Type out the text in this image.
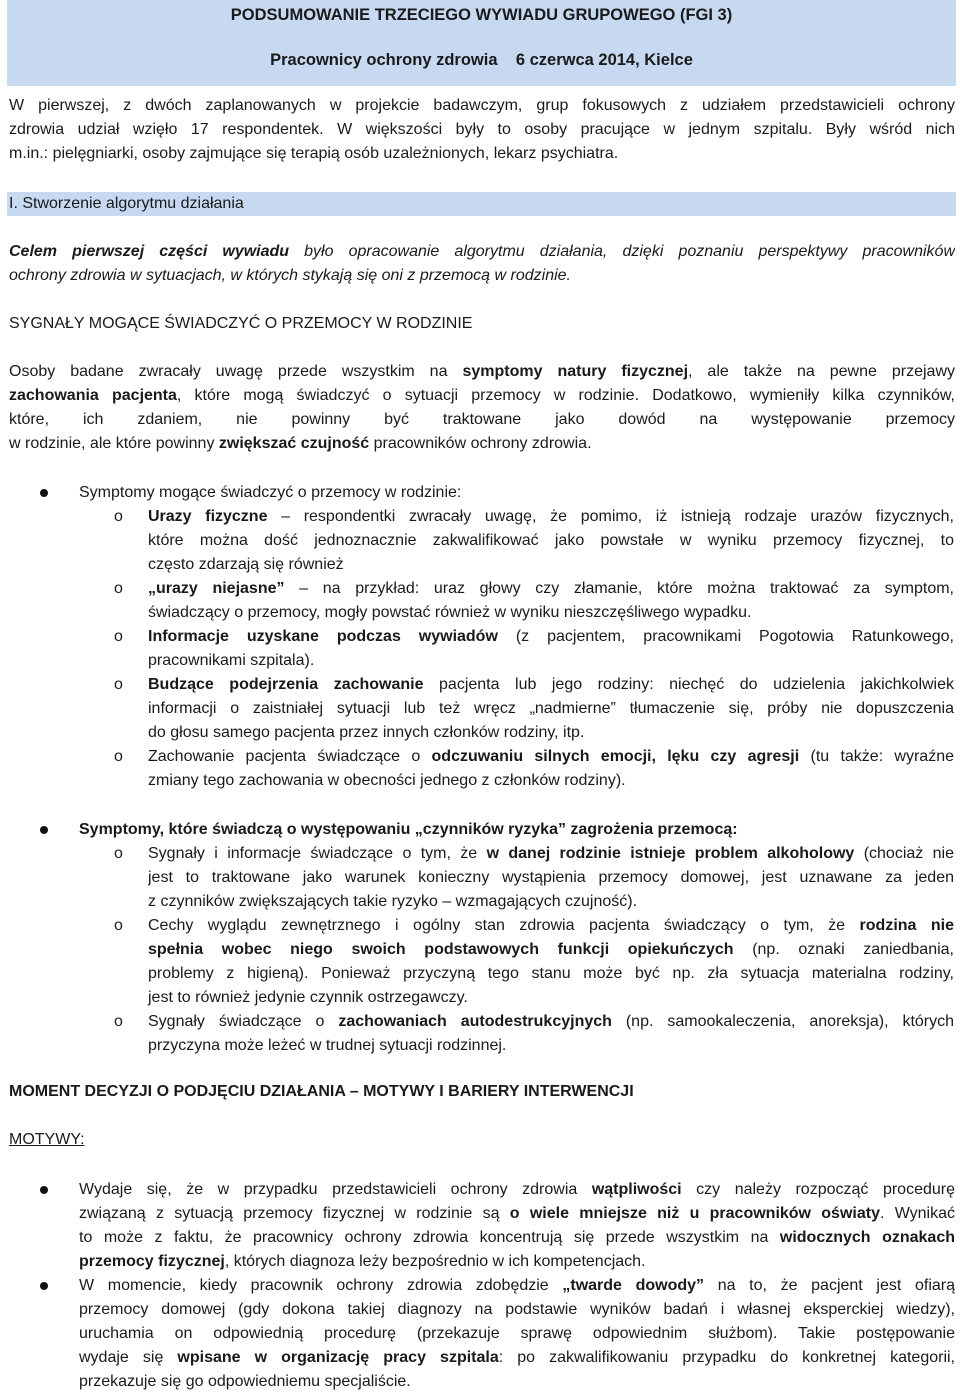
PODSUMOWANIE TRZECIEGO WYWIADU GRUPOWEGO (FGI 3)
Pracownicy ochrony zdrowia    6 czerwca 2014, Kielce
W pierwszej, z dwóch zaplanowanych w projekcie badawczym, grup fokusowych z udziałem przedstawicieli ochrony
zdrowia udział wzięło 17 respondentek. W większości były to osoby pracujące w jednym szpitalu. Były wśród nich
m.in.: pielęgniarki, osoby zajmujące się terapią osób uzależnionych, lekarz psychiatra.
I. Stworzenie algorytmu działania
Celem pierwszej części wywiadu było opracowanie algorytmu działania, dzięki poznaniu perspektywy pracowników
ochrony zdrowia w sytuacjach, w których stykają się oni z przemocą w rodzinie.
SYGNAŁY MOGĄCE ŚWIADCZYĆ O PRZEMOCY W RODZINIE
Osoby badane zwracały uwagę przede wszystkim na symptomy natury fizycznej, ale także na pewne przejawy
zachowania pacjenta, które mogą świadczyć o sytuacji przemocy w rodzinie. Dodatkowo, wymieniły kilka czynników,
które, ich zdaniem, nie powinny być traktowane jako dowód na występowanie przemocy
w rodzinie, ale które powinny zwiększać czujność pracowników ochrony zdrowia.
Symptomy mogące świadczyć o przemocy w rodzinie:
o Urazy fizyczne – respondentki zwracały uwagę, że pomimo, iż istnieją rodzaje urazów fizycznych,
które można dość jednoznacznie zakwalifikować jako powstałe w wyniku przemocy fizycznej, to
często zdarzają się również
o „urazy niejasne” – na przykład: uraz głowy czy złamanie, które można traktować za symptom,
świadczący o przemocy, mogły powstać również w wyniku nieszczęśliwego wypadku.
o Informacje uzyskane podczas wywiadów (z pacjentem, pracownikami Pogotowia Ratunkowego,
pracownikami szpitala).
o Budzące podejrzenia zachowanie pacjenta lub jego rodziny: niechęć do udzielenia jakichkolwiek
informacji o zaistniałej sytuacji lub też wręcz „nadmierne” tłumaczenie się, próby nie dopuszczenia
do głosu samego pacjenta przez innych członków rodziny, itp.
o Zachowanie pacjenta świadczące o odczuwaniu silnych emocji, lęku czy agresji (tu także: wyraźne
zmiany tego zachowania w obecności jednego z członków rodziny).
Symptomy, które świadczą o występowaniu „czynników ryzyka” zagrożenia przemocą:
o Sygnały i informacje świadczące o tym, że w danej rodzinie istnieje problem alkoholowy (chociaż nie
jest to traktowane jako warunek konieczny wystąpienia przemocy domowej, jest uznawane za jeden
z czynników zwiększających takie ryzyko – wzmagających czujność).
o Cechy wyglądu zewnętrznego i ogólny stan zdrowia pacjenta świadczący o tym, że rodzina nie
spełnia wobec niego swoich podstawowych funkcji opiekuńczych (np. oznaki zaniedbania,
problemy z higieną). Ponieważ przyczyną tego stanu może być np. zła sytuacja materialna rodziny,
jest to również jedynie czynnik ostrzegawczy.
o Sygnały świadczące o zachowaniach autodestrukcyjnych (np. samookaleczenia, anoreksja), których
przyczyna może leżeć w trudnej sytuacji rodzinnej.
MOMENT DECYZJI O PODJĘCIU DZIAŁANIA – MOTYWY I BARIERY INTERWENCJI
MOTYWY:
Wydaje się, że w przypadku przedstawicieli ochrony zdrowia wątpliwości czy należy rozpocząć procedurę
związaną z sytuacją przemocy fizycznej w rodzinie są o wiele mniejsze niż u pracowników oświaty. Wynikać
to może z faktu, że pracownicy ochrony zdrowia koncentrują się przede wszystkim na widocznych oznakach
przemocy fizycznej, których diagnoza leży bezpośrednio w ich kompetencjach.
W momencie, kiedy pracownik ochrony zdrowia zdobędzie „twarde dowody” na to, że pacjent jest ofiarą
przemocy domowej (gdy dokona takiej diagnozy na podstawie wyników badań i własnej eksperckiej wiedzy),
uruchamia on odpowiednią procedurę (przekazuje sprawę odpowiednim służbom). Takie postępowanie
wydaje się wpisane w organizację pracy szpitala: po zakwalifikowaniu przypadku do konkretnej kategorii,
przekazuje się go odpowiedniemu specjaliście.
